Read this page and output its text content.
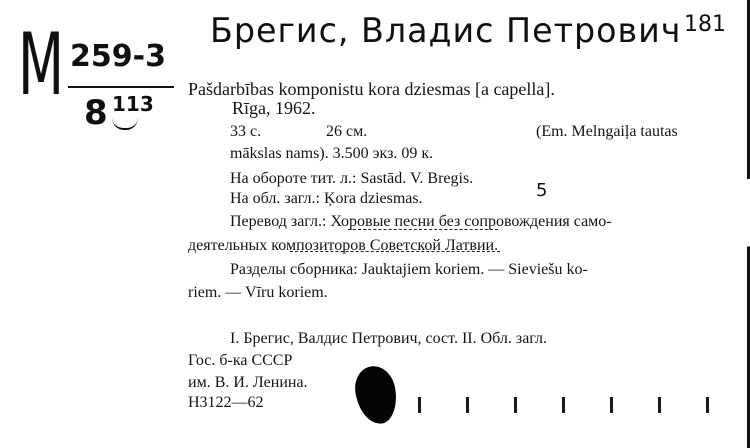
M 259-3
8 113
Брегис, Владис Петрович 181
Pašdarbības komponistu kora dziesmas [a capella].
Rīga, 1962.
33 с.	26 см.	(Em. Melngaiļa tautas
mākslas nams). 3.500 экз. 09 к.
На обороте тит. л.: Sastād. V. Bregis.
На обл. загл.: Ķora dziesmas.	5
Перевод загл.: Хоровые песни без сопровождения само-
деятельных композиторов Советской Латвии.
Разделы сборника: Jauktajiem koriem. — Sieviešu ko-
riem. — Vīru koriem.
I. Брегис, Валдис Петрович, сост. II. Обл. загл.
Гос. б-ка СССР
им. В. И. Ленина.
Н3122—62
